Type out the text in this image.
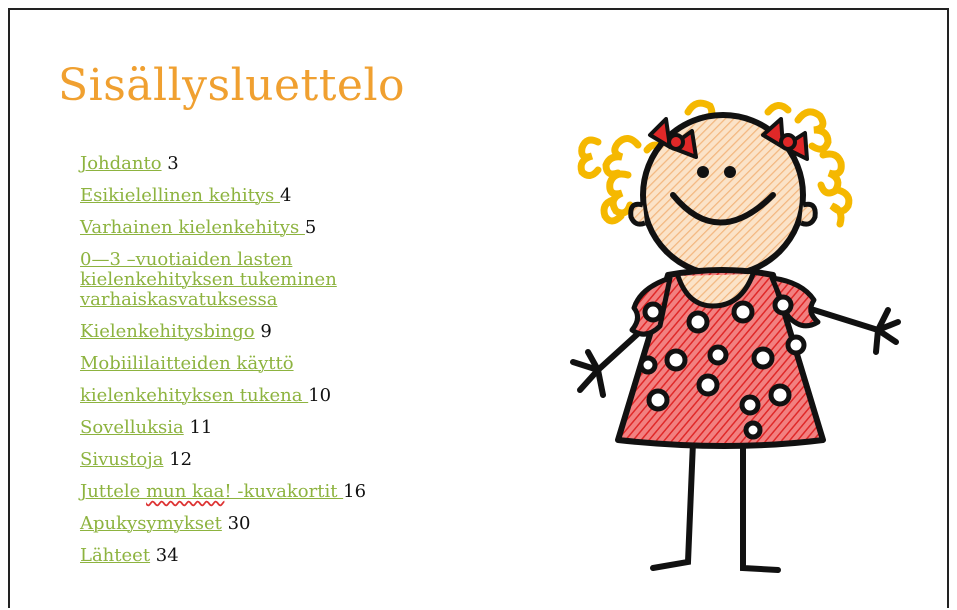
Sisällysluettelo
Johdanto 3
Esikielellinen kehitys 4
Varhainen kielenkehitys 5
0—3 –vuotiaiden lasten kielenkehityksen tukeminen varhaiskasvatuksessa
Kielenkehitysbingo 9
Mobiililaitteiden käyttö
kielenkehityksen tukena 10
Sovelluksia 11
Sivustoja 12
Juttele mun kaa! -kuvakortit 16
Apukysymykset 30
Lähteet 34
